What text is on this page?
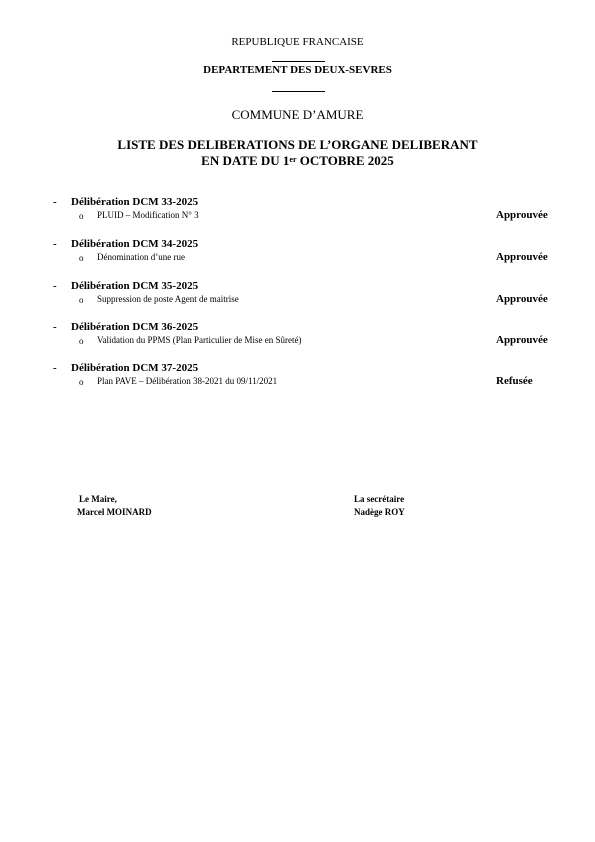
REPUBLIQUE FRANCAISE
DEPARTEMENT DES DEUX-SEVRES
COMMUNE D’AMURE
LISTE DES DELIBERATIONS DE L’ORGANE DELIBERANT
EN DATE DU 1er OCTOBRE 2025
- Délibération DCM 33-2025
o PLUID – Modification N° 3	Approuvée
- Délibération DCM 34-2025
o Dénomination d’une rue	Approuvée
- Délibération DCM 35-2025
o Suppression de poste Agent de maitrise	Approuvée
- Délibération DCM 36-2025
o Validation du PPMS (Plan Particulier de Mise en Sûreté)	Approuvée
- Délibération DCM 37-2025
o Plan PAVE – Délibération 38-2021 du 09/11/2021	Refusée
Le Maire,
Marcel MOINARD
La secrétaire
Nadège ROY
